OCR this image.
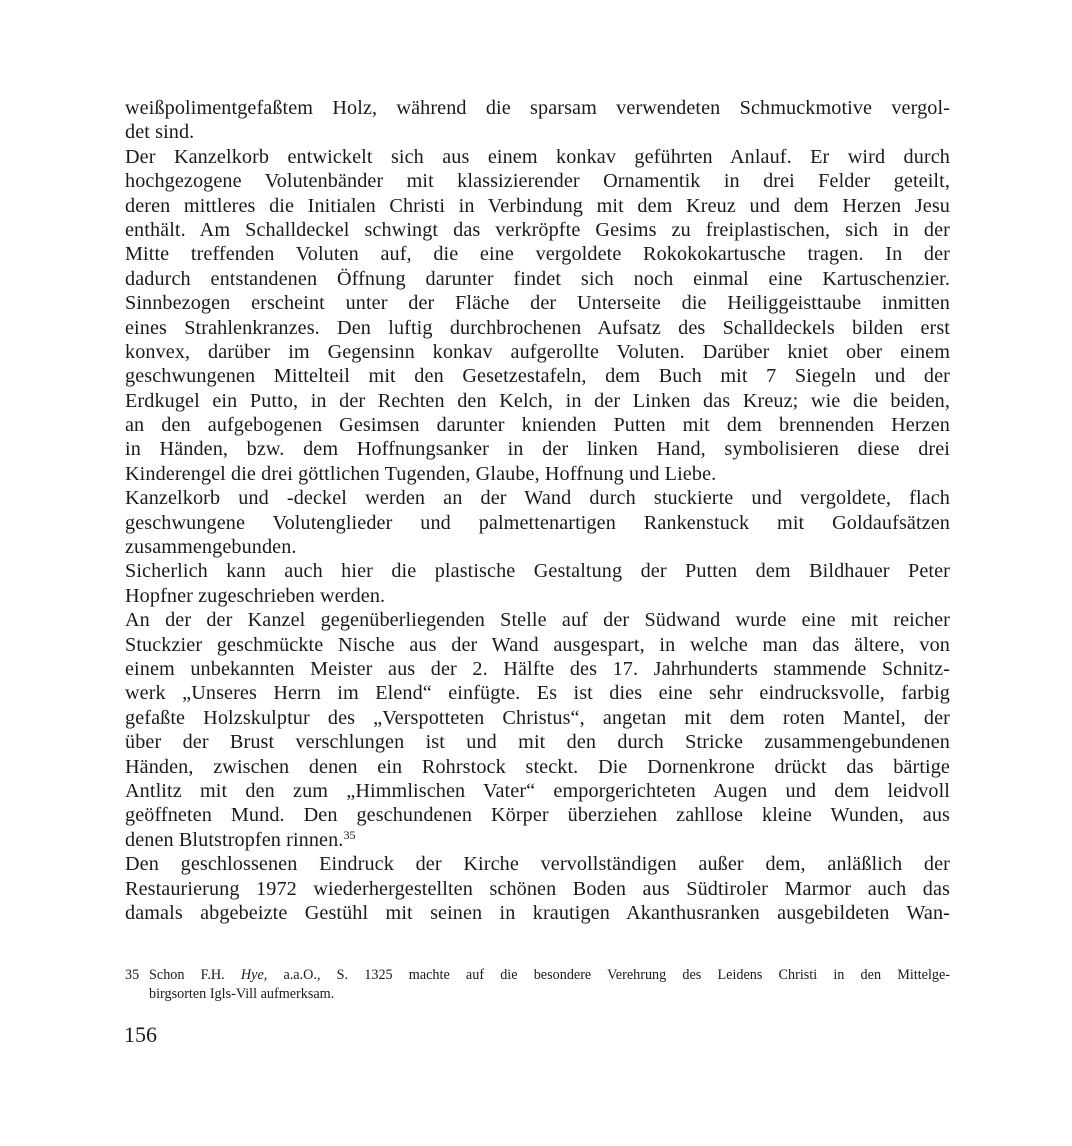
weißpolimentgefaßtem Holz, während die sparsam verwendeten Schmuckmotive vergol-
det sind.
Der Kanzelkorb entwickelt sich aus einem konkav geführten Anlauf. Er wird durch
hochgezogene Volutenbänder mit klassizierender Ornamentik in drei Felder geteilt,
deren mittleres die Initialen Christi in Verbindung mit dem Kreuz und dem Herzen Jesu
enthält. Am Schalldeckel schwingt das verkröpfte Gesims zu freiplastischen, sich in der
Mitte treffenden Voluten auf, die eine vergoldete Rokokokartusche tragen. In der
dadurch entstandenen Öffnung darunter findet sich noch einmal eine Kartuschenzier.
Sinnbezogen erscheint unter der Fläche der Unterseite die Heiliggeisttaube inmitten
eines Strahlenkranzes. Den luftig durchbrochenen Aufsatz des Schalldeckels bilden erst
konvex, darüber im Gegensinn konkav aufgerollte Voluten. Darüber kniet ober einem
geschwungenen Mittelteil mit den Gesetzestafeln, dem Buch mit 7 Siegeln und der
Erdkugel ein Putto, in der Rechten den Kelch, in der Linken das Kreuz; wie die beiden,
an den aufgebogenen Gesimsen darunter knienden Putten mit dem brennenden Herzen
in Händen, bzw. dem Hoffnungsanker in der linken Hand, symbolisieren diese drei
Kinderengel die drei göttlichen Tugenden, Glaube, Hoffnung und Liebe.
Kanzelkorb und -deckel werden an der Wand durch stuckierte und vergoldete, flach
geschwungene Volutenglieder und palmettenartigen Rankenstuck mit Goldaufsätzen
zusammengebunden.
Sicherlich kann auch hier die plastische Gestaltung der Putten dem Bildhauer Peter
Hopfner zugeschrieben werden.
An der der Kanzel gegenüberliegenden Stelle auf der Südwand wurde eine mit reicher
Stuckzier geschmückte Nische aus der Wand ausgespart, in welche man das ältere, von
einem unbekannten Meister aus der 2. Hälfte des 17. Jahrhunderts stammende Schnitz-
werk „Unseres Herrn im Elend“ einfügte. Es ist dies eine sehr eindrucksvolle, farbig
gefaßte Holzskulptur des „Verspotteten Christus“, angetan mit dem roten Mantel, der
über der Brust verschlungen ist und mit den durch Stricke zusammengebundenen
Händen, zwischen denen ein Rohrstock steckt. Die Dornenkrone drückt das bärtige
Antlitz mit den zum „Himmlischen Vater“ emporgerichteten Augen und dem leidvoll
geöffneten Mund. Den geschundenen Körper überziehen zahllose kleine Wunden, aus
denen Blutstropfen rinnen.$^{35}$
Den geschlossenen Eindruck der Kirche vervollständigen außer dem, anläßlich der
Restaurierung 1972 wiederhergestellten schönen Boden aus Südtiroler Marmor auch das
damals abgebeizte Gestühl mit seinen in krautigen Akanthusranken ausgebildeten Wan-
35 Schon F.H. Hye, a.a.O., S. 1325 machte auf die besondere Verehrung des Leidens Christi in den Mittelge-
birgsorten Igls-Vill aufmerksam.
156
